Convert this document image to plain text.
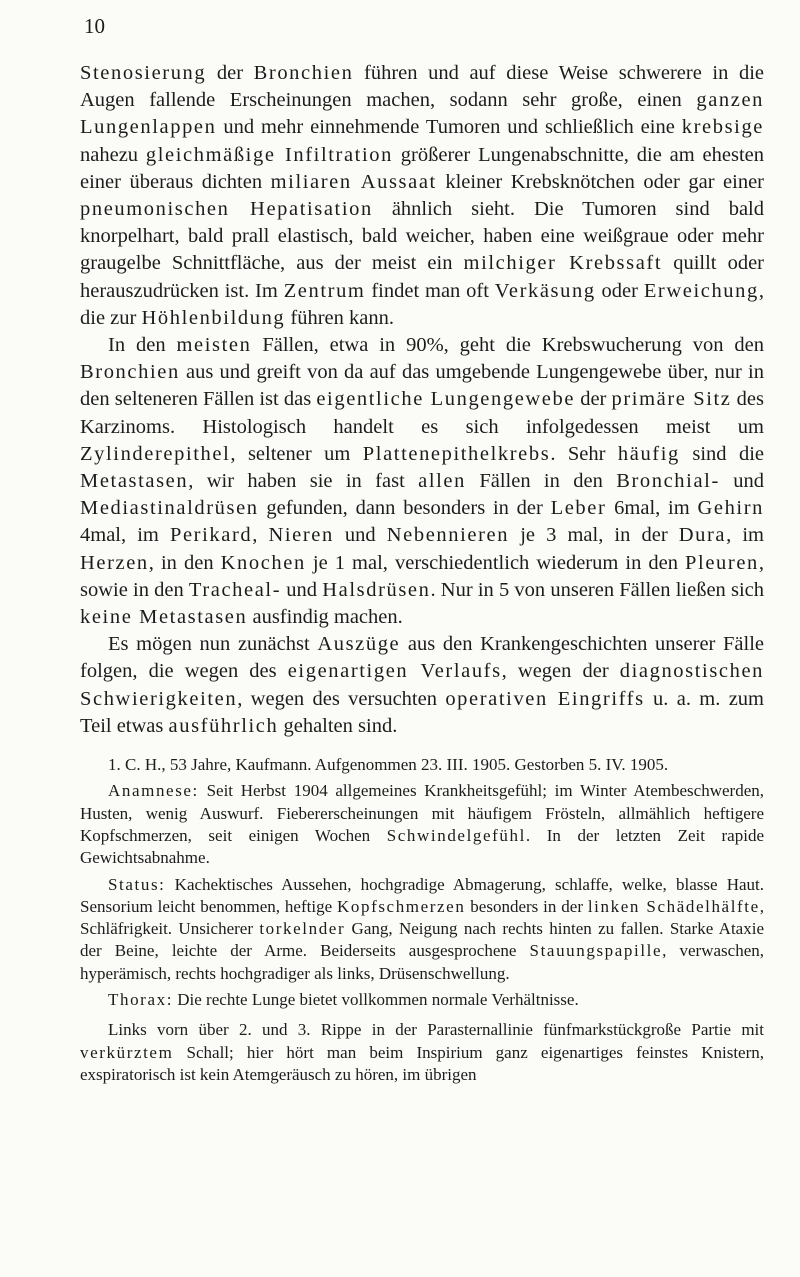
10

Stenosierung der Bronchien führen und auf diese Weise schwerere in die Augen fallende Erscheinungen machen, sodann sehr große, einen ganzen Lungenlappen und mehr einnehmende Tumoren und schließlich eine krebsige nahezu gleichmäßige Infiltration größerer Lungenabschnitte, die am ehesten einer überaus dichten miliaren Aussaat kleiner Krebsknötchen oder gar einer pneumonischen Hepatisation ähnlich sieht. Die Tumoren sind bald knorpelhart, bald prall elastisch, bald weicher, haben eine weißgraue oder mehr graugelbe Schnittfläche, aus der meist ein milchiger Krebssaft quillt oder herauszudrücken ist. Im Zentrum findet man oft Verkäsung oder Erweichung, die zur Höhlenbildung führen kann.

In den meisten Fällen, etwa in 90%, geht die Krebswucherung von den Bronchien aus und greift von da auf das umgebende Lungengewebe über, nur in den selteneren Fällen ist das eigentliche Lungengewebe der primäre Sitz des Karzinoms. Histologisch handelt es sich infolgedessen meist um Zylinderepithel, seltener um Plattenepithelkrebs. Sehr häufig sind die Metastasen, wir haben sie in fast allen Fällen in den Bronchial- und Mediastinaldrüsen gefunden, dann besonders in der Leber 6mal, im Gehirn 4mal, im Perikard, Nieren und Nebennieren je 3 mal, in der Dura, im Herzen, in den Knochen je 1 mal, verschiedentlich wiederum in den Pleuren, sowie in den Tracheal- und Halsdrüsen. Nur in 5 von unseren Fällen ließen sich keine Metastasen ausfindig machen.

Es mögen nun zunächst Auszüge aus den Krankengeschichten unserer Fälle folgen, die wegen des eigenartigen Verlaufs, wegen der diagnostischen Schwierigkeiten, wegen des versuchten operativen Eingriffs u. a. m. zum Teil etwas ausführlich gehalten sind.

1. C. H., 53 Jahre, Kaufmann. Aufgenommen 23. III. 1905. Gestorben 5. IV. 1905.

Anamnese: Seit Herbst 1904 allgemeines Krankheitsgefühl; im Winter Atembeschwerden, Husten, wenig Auswurf. Fiebererscheinungen mit häufigem Frösteln, allmählich heftigere Kopfschmerzen, seit einigen Wochen Schwindelgefühl. In der letzten Zeit rapide Gewichtsabnahme.

Status: Kachektisches Aussehen, hochgradige Abmagerung, schlaffe, welke, blasse Haut. Sensorium leicht benommen, heftige Kopfschmerzen besonders in der linken Schädelhälfte, Schläfrigkeit. Unsicherer torkelnder Gang, Neigung nach rechts hinten zu fallen. Starke Ataxie der Beine, leichte der Arme. Beiderseits ausgesprochene Stauungspapille, verwaschen, hyperämisch, rechts hochgradiger als links, Drüsenschwellung.

Thorax: Die rechte Lunge bietet vollkommen normale Verhältnisse.

Links vorn über 2. und 3. Rippe in der Parasternallinie fünfmarkstückgroße Partie mit verkürztem Schall; hier hört man beim Inspirium ganz eigenartiges feinstes Knistern, exspiratorisch ist kein Atemgeräusch zu hören, im übrigen
